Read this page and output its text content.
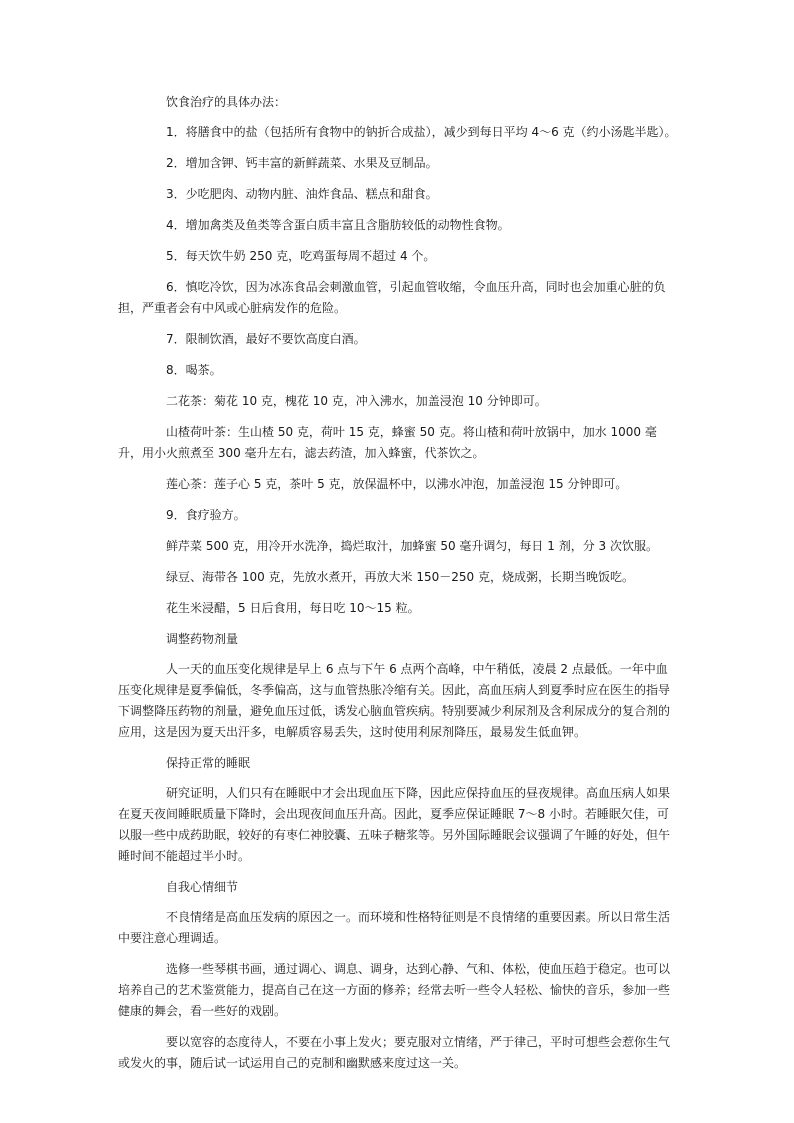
饮食治疗的具体办法：

1．将膳食中的盐（包括所有食物中的钠折合成盐），减少到每日平均 4～6 克（约小汤匙半匙）。

2．增加含钾、钙丰富的新鲜蔬菜、水果及豆制品。

3．少吃肥肉、动物内脏、油炸食品、糕点和甜食。

4．增加禽类及鱼类等含蛋白质丰富且含脂肪较低的动物性食物。

5．每天饮牛奶 250 克，吃鸡蛋每周不超过 4 个。

6．慎吃冷饮，因为冰冻食品会刺激血管，引起血管收缩，令血压升高，同时也会加重心脏的负担，严重者会有中风或心脏病发作的危险。

7．限制饮酒，最好不要饮高度白酒。

8．喝茶。

二花茶：菊花 10 克，槐花 10 克，冲入沸水，加盖浸泡 10 分钟即可。

山楂荷叶茶：生山楂 50 克，荷叶 15 克，蜂蜜 50 克。将山楂和荷叶放锅中，加水 1000 毫升，用小火煎煮至 300 毫升左右，滤去药渣，加入蜂蜜，代茶饮之。

莲心茶：莲子心 5 克，茶叶 5 克，放保温杯中，以沸水冲泡，加盖浸泡 15 分钟即可。

9．食疗验方。

鲜芹菜 500 克，用冷开水洗净，捣烂取汁，加蜂蜜 50 毫升调匀，每日 1 剂，分 3 次饮服。

绿豆、海带各 100 克，先放水煮开，再放大米 150－250 克，烧成粥，长期当晚饭吃。

花生米浸醋，5 日后食用，每日吃 10～15 粒。

调整药物剂量

人一天的血压变化规律是早上 6 点与下午 6 点两个高峰，中午稍低，凌晨 2 点最低。一年中血压变化规律是夏季偏低，冬季偏高，这与血管热胀冷缩有关。因此，高血压病人到夏季时应在医生的指导下调整降压药物的剂量，避免血压过低，诱发心脑血管疾病。特别要减少利尿剂及含利尿成分的复合剂的应用，这是因为夏天出汗多，电解质容易丢失，这时使用利尿剂降压，最易发生低血钾。

保持正常的睡眠

研究证明，人们只有在睡眠中才会出现血压下降，因此应保持血压的昼夜规律。高血压病人如果在夏天夜间睡眠质量下降时，会出现夜间血压升高。因此，夏季应保证睡眠 7～8 小时。若睡眠欠佳，可以服一些中成药助眠，较好的有枣仁神胶囊、五味子糖浆等。另外国际睡眠会议强调了午睡的好处，但午睡时间不能超过半小时。

自我心情细节

不良情绪是高血压发病的原因之一。而环境和性格特征则是不良情绪的重要因素。所以日常生活中要注意心理调适。

选修一些琴棋书画，通过调心、调息、调身，达到心静、气和、体松，使血压趋于稳定。也可以培养自己的艺术鉴赏能力，提高自己在这一方面的修养；经常去听一些令人轻松、愉快的音乐，参加一些健康的舞会，看一些好的戏剧。

要以宽容的态度待人，不要在小事上发火；要克服对立情绪，严于律己，平时可想些会惹你生气或发火的事，随后试一试运用自己的克制和幽默感来度过这一关。
